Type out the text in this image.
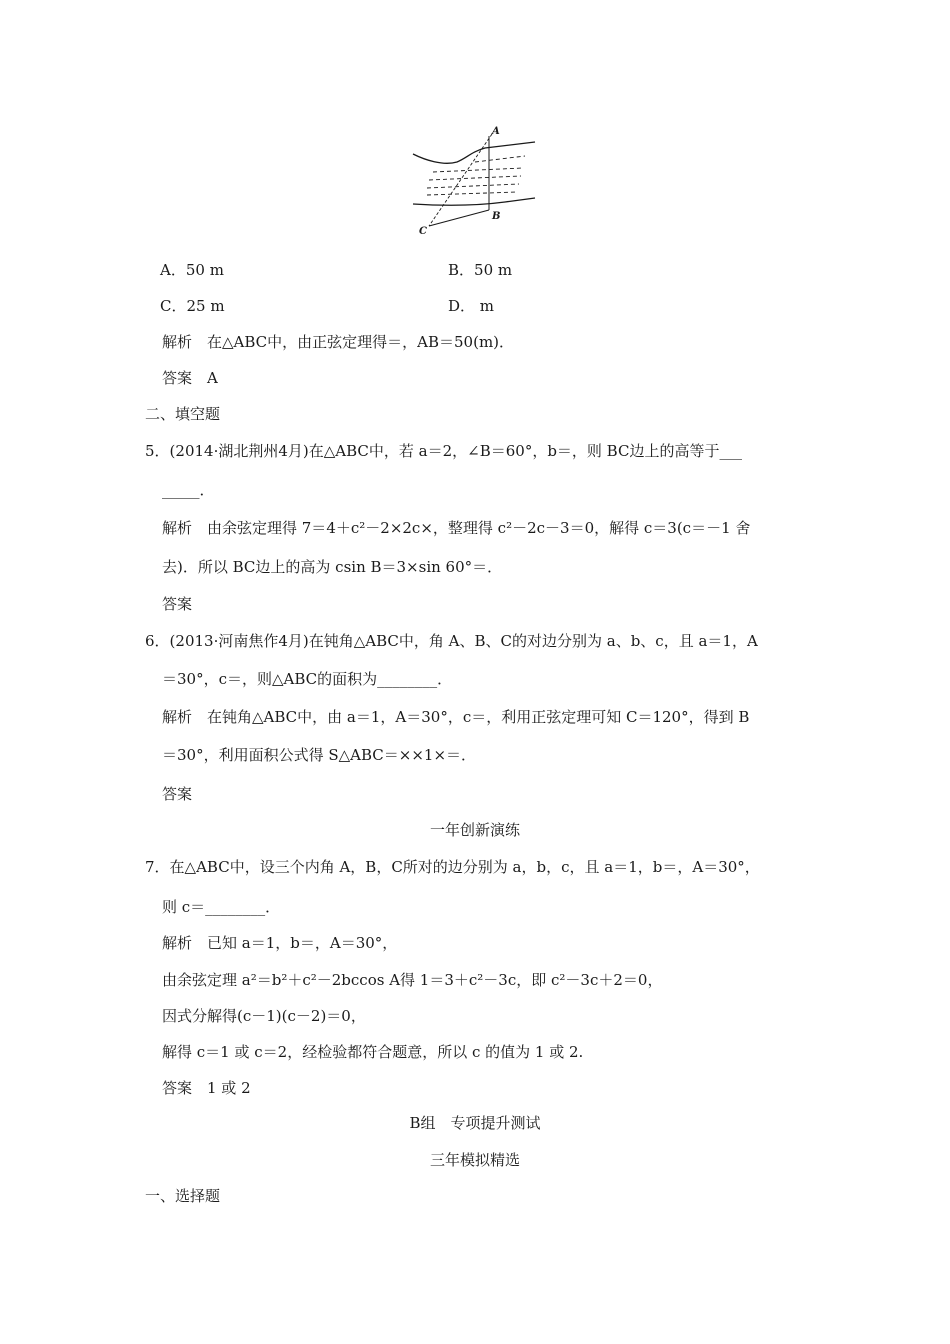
A
B
C
A．50 m	B．50 m
C．25 m	D． m
解析　在△ABC中，由正弦定理得＝，AB＝50(m)．
答案　A
二、填空题
5．(2014·湖北荆州4月)在△ABC中，若 a＝2，∠B＝60°，b＝，则 BC边上的高等于___
_____．
解析　由余弦定理得 7＝4＋c²－2×2c×，整理得 c²－2c－3＝0，解得 c＝3(c＝－1 舍
去)．所以 BC边上的高为 csin B＝3×sin 60°＝．
答案
6．(2013·河南焦作4月)在钝角△ABC中，角 A、B、C的对边分别为 a、b、c，且 a＝1，A
＝30°，c＝，则△ABC的面积为________．
解析　在钝角△ABC中，由 a＝1，A＝30°，c＝，利用正弦定理可知 C＝120°，得到 B
＝30°，利用面积公式得 S△ABC＝××1×＝．
答案
一年创新演练
7．在△ABC中，设三个内角 A，B，C所对的边分别为 a，b，c，且 a＝1，b＝，A＝30°，
则 c＝________．
解析　已知 a＝1，b＝，A＝30°，
由余弦定理 a²＝b²＋c²－2bccos A得 1＝3＋c²－3c，即 c²－3c＋2＝0，
因式分解得(c－1)(c－2)＝0，
解得 c＝1 或 c＝2，经检验都符合题意，所以 c 的值为 1 或 2.
答案　1 或 2
B组　专项提升测试
三年模拟精选
一、选择题
